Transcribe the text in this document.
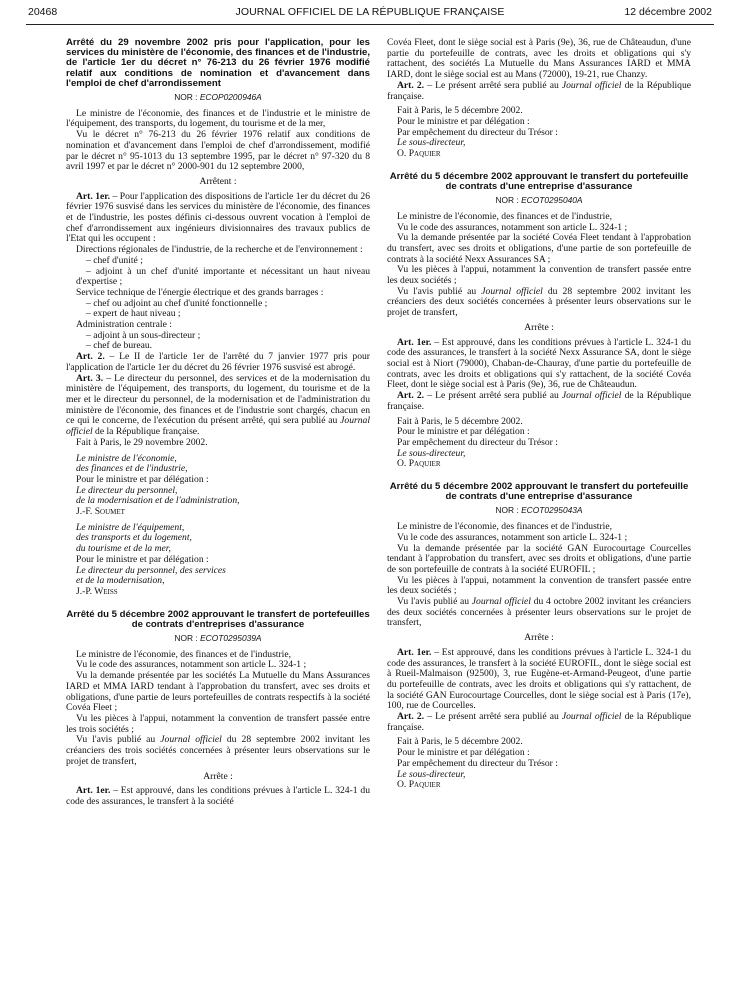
20468	JOURNAL OFFICIEL DE LA RÉPUBLIQUE FRANÇAISE	12 décembre 2002
Arrêté du 29 novembre 2002 pris pour l'application, pour les services du ministère de l'économie, des finances et de l'industrie, de l'article 1er du décret n° 76-213 du 26 février 1976 modifié relatif aux conditions de nomination et d'avancement dans l'emploi de chef d'arrondissement
NOR : ECOP0200946A

Le ministre de l'économie, des finances et de l'industrie et le ministre de l'équipement, des transports, du logement, du tourisme et de la mer,

Vu le décret n° 76-213 du 26 février 1976 relatif aux conditions de nomination et d'avancement dans l'emploi de chef d'arrondissement, modifié par le décret n° 95-1013 du 13 septembre 1995, par le décret n° 97-320 du 8 avril 1997 et par le décret n° 2000-901 du 12 septembre 2000,

Arrêtent :

Art. 1er. – Pour l'application des dispositions de l'article 1er du décret du 26 février 1976 susvisé dans les services du ministère de l'économie, des finances et de l'industrie, les postes définis ci-dessous ouvrent vocation à l'emploi de chef d'arrondissement aux ingénieurs divisionnaires des travaux publics de l'Etat qui les occupent :

Directions régionales de l'industrie, de la recherche et de l'environnement :

– chef d'unité ;

– adjoint à un chef d'unité importante et nécessitant un haut niveau d'expertise ;

Service technique de l'énergie électrique et des grands barrages :

– chef ou adjoint au chef d'unité fonctionnelle ;

– expert de haut niveau ;

Administration centrale :

– adjoint à un sous-directeur ;

– chef de bureau.

Art. 2. – Le II de l'article 1er de l'arrêté du 7 janvier 1977 pris pour l'application de l'article 1er du décret du 26 février 1976 susvisé est abrogé.

Art. 3. – Le directeur du personnel, des services et de la modernisation du ministère de l'équipement, des transports, du logement, du tourisme et de la mer et le directeur du personnel, de la modernisation et de l'administration du ministère de l'économie, des finances et de l'industrie sont chargés, chacun en ce qui le concerne, de l'exécution du présent arrêté, qui sera publié au Journal officiel de la République française.

Fait à Paris, le 29 novembre 2002.

Le ministre de l'économie,

des finances et de l'industrie,

Pour le ministre et par délégation :

Le directeur du personnel,

de la modernisation et de l'administration,

J.-F. Soumet

Le ministre de l'équipement,

des transports et du logement,

du tourisme et de la mer,

Pour le ministre et par délégation :

Le directeur du personnel, des services

et de la modernisation,

J.-P. Weiss

Arrêté du 5 décembre 2002 approuvant le transfert de portefeuilles de contrats d'entreprises d'assurance
NOR : ECOT0295039A

Le ministre de l'économie, des finances et de l'industrie,

Vu le code des assurances, notamment son article L. 324-1 ;

Vu la demande présentée par les sociétés La Mutuelle du Mans Assurances IARD et MMA IARD tendant à l'approbation du transfert, avec ses droits et obligations, d'une partie de leurs portefeuilles de contrats respectifs à la société Covéa Fleet ;

Vu les pièces à l'appui, notamment la convention de transfert passée entre les trois sociétés ;

Vu l'avis publié au Journal officiel du 28 septembre 2002 invitant les créanciers des trois sociétés concernées à présenter leurs observations sur le projet de transfert,

Arrête :

Art. 1er. – Est approuvé, dans les conditions prévues à l'article L. 324-1 du code des assurances, le transfert à la société

Covéa Fleet, dont le siège social est à Paris (9e), 36, rue de Châteaudun, d'une partie du portefeuille de contrats, avec les droits et obligations qui s'y rattachent, des sociétés La Mutuelle du Mans Assurances IARD et MMA IARD, dont le siège social est au Mans (72000), 19-21, rue Chanzy.

Art. 2. – Le présent arrêté sera publié au Journal officiel de la République française.

Fait à Paris, le 5 décembre 2002.

Pour le ministre et par délégation :

Par empêchement du directeur du Trésor :

Le sous-directeur,

O. Paquier

Arrêté du 5 décembre 2002 approuvant le transfert du portefeuille de contrats d'une entreprise d'assurance
NOR : ECOT0295040A

Le ministre de l'économie, des finances et de l'industrie,

Vu le code des assurances, notamment son article L. 324-1 ;

Vu la demande présentée par la société Covéa Fleet tendant à l'approbation du transfert, avec ses droits et obligations, d'une partie de son portefeuille de contrats à la société Nexx Assurances SA ;

Vu les pièces à l'appui, notamment la convention de transfert passée entre les deux sociétés ;

Vu l'avis publié au Journal officiel du 28 septembre 2002 invitant les créanciers des deux sociétés concernées à présenter leurs observations sur le projet de transfert,

Arrête :

Art. 1er. – Est approuvé, dans les conditions prévues à l'article L. 324-1 du code des assurances, le transfert à la société Nexx Assurance SA, dont le siège social est à Niort (79000), Chaban-de-Chauray, d'une partie du portefeuille de contrats, avec les droits et obligations qui s'y rattachent, de la société Covéa Fleet, dont le siège social est à Paris (9e), 36, rue de Châteaudun.

Art. 2. – Le présent arrêté sera publié au Journal officiel de la République française.

Fait à Paris, le 5 décembre 2002.

Pour le ministre et par délégation :

Par empêchement du directeur du Trésor :

Le sous-directeur,

O. Paquier

Arrêté du 5 décembre 2002 approuvant le transfert du portefeuille de contrats d'une entreprise d'assurance
NOR : ECOT0295043A

Le ministre de l'économie, des finances et de l'industrie,

Vu le code des assurances, notamment son article L. 324-1 ;

Vu la demande présentée par la société GAN Eurocourtage Courcelles tendant à l'approbation du transfert, avec ses droits et obligations, d'une partie de son portefeuille de contrats à la société EUROFIL ;

Vu les pièces à l'appui, notamment la convention de transfert passée entre les deux sociétés ;

Vu l'avis publié au Journal officiel du 4 octobre 2002 invitant les créanciers des deux sociétés concernées à présenter leurs observations sur le projet de transfert,

Arrête :

Art. 1er. – Est approuvé, dans les conditions prévues à l'article L. 324-1 du code des assurances, le transfert à la société EUROFIL, dont le siège social est à Rueil-Malmaison (92500), 3, rue Eugène-et-Armand-Peugeot, d'une partie du portefeuille de contrats, avec les droits et obligations qui s'y rattachent, de la société GAN Eurocourtage Courcelles, dont le siège social est à Paris (17e), 100, rue de Courcelles.

Art. 2. – Le présent arrêté sera publié au Journal officiel de la République française.

Fait à Paris, le 5 décembre 2002.

Pour le ministre et par délégation :

Par empêchement du directeur du Trésor :

Le sous-directeur,

O. Paquier
